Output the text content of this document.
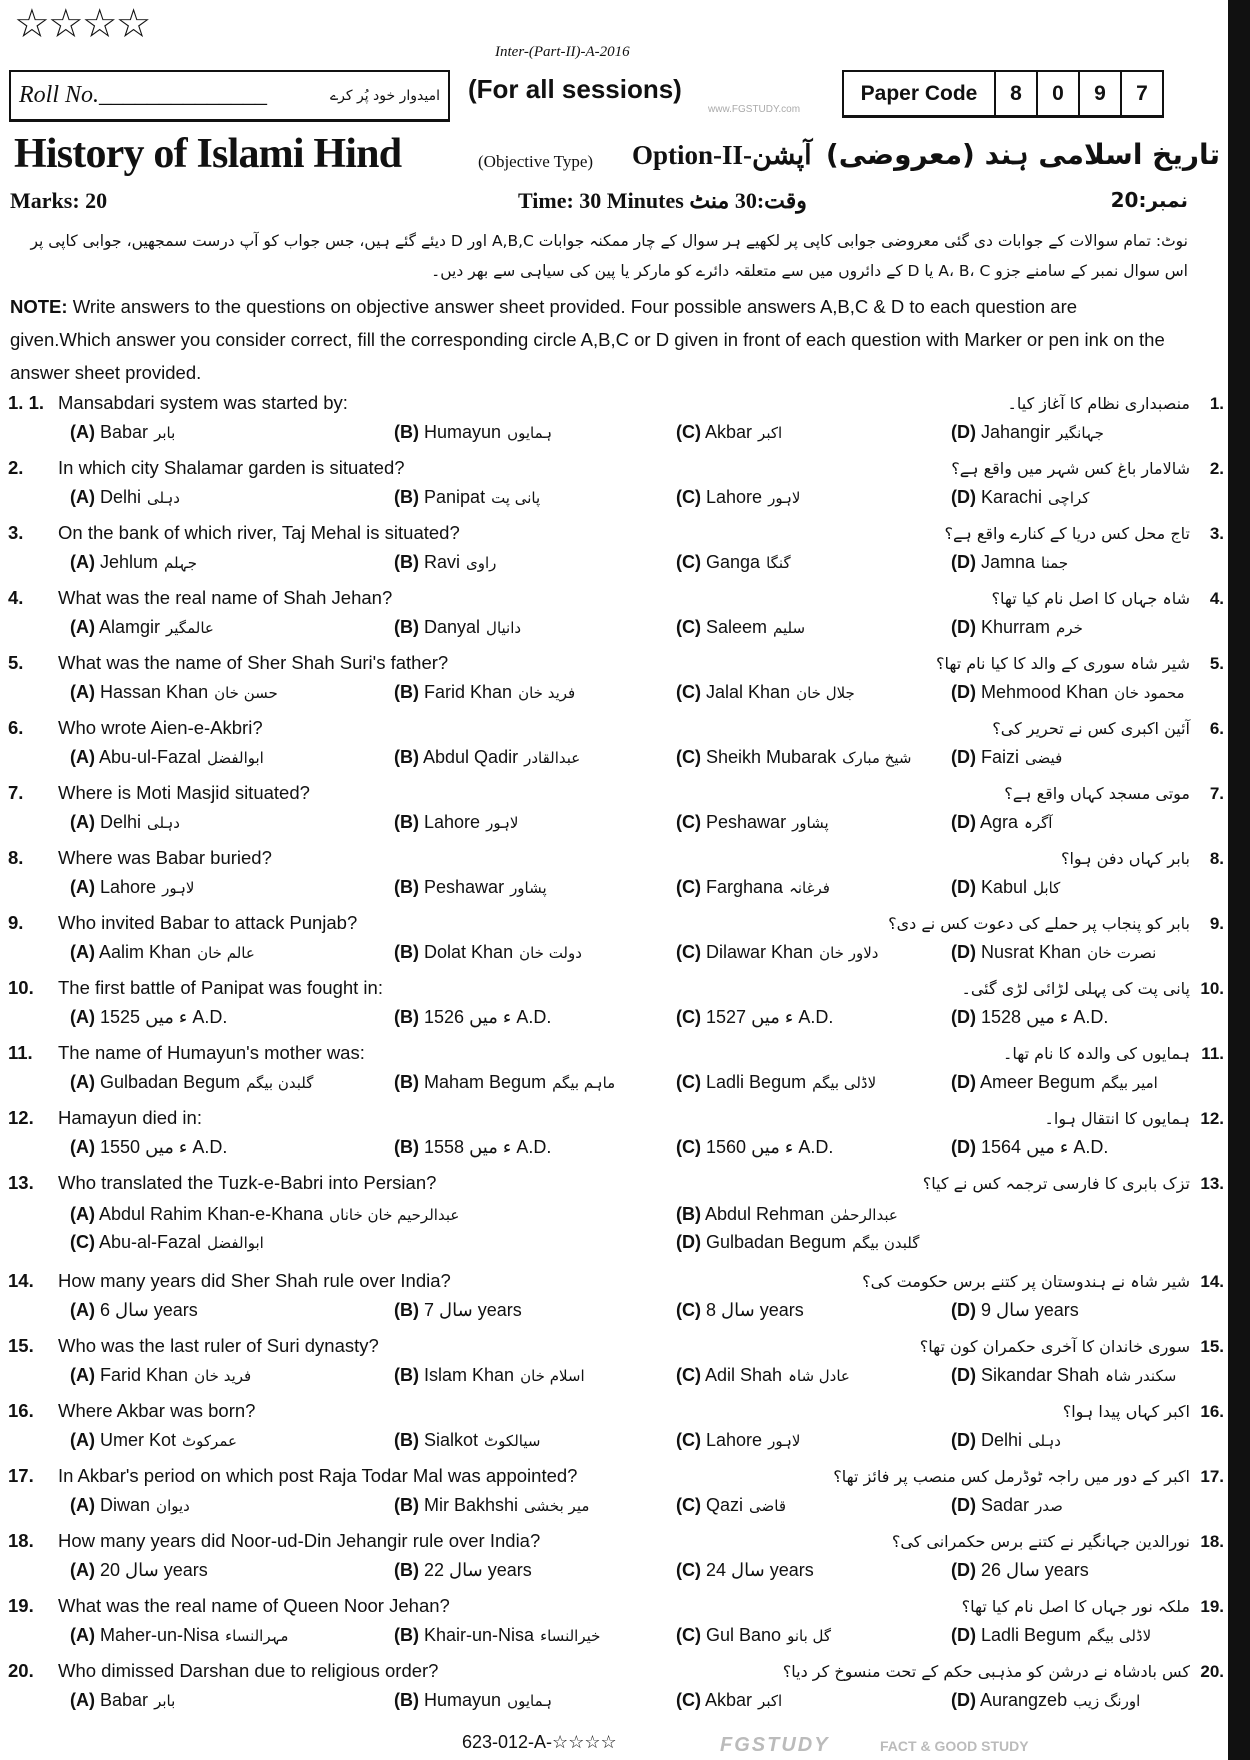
FGSTUDY	FACT & GOOD STUDY
www.FGSTUDY.com
☆☆☆☆
Inter-(Part-II)-A-2016
Roll No.______________	امیدوار خود پُر کرے (For all sessions)	Paper Code	8	0	9	7
History of Islami Hind	(Objective Type) Option-II-آپشن تاریخ اسلامی ہند (معروضی)
Marks: 20	Time: 30 Minutes وقت:30 منٹ	نمبر:20
نوٹ: تمام سوالات کے جوابات دی گئی معروضی جوابی کاپی پر لکھیے ہر سوال کے چار ممکنہ جوابات A,B,C اور D دیئے گئے ہیں، جس جواب کو آپ درست سمجھیں، جوابی کاپی پر اس سوال نمبر کے سامنے جزو A، B، C یا D کے دائروں میں سے متعلقہ دائرے کو مارکر یا پین کی سیاہی سے بھر دیں۔
NOTE: Write answers to the questions on objective answer sheet provided. Four possible answers A,B,C & D to each question are given.Which answer you consider correct, fill the corresponding circle A,B,C or D given in front of each question with Marker or pen ink on the answer sheet provided.
1. 1. Mansabdari system was started by:	منصبداری نظام کا آغاز کیا۔ 1.
(A) Babar بابر	(B) Humayun ہمایوں	(C) Akbar اکبر	(D) Jahangir جہانگیر
2. In which city Shalamar garden is situated?	شالامار باغ کس شہر میں واقع ہے؟ 2.
(A) Delhi دہلی	(B) Panipat پانی پت	(C) Lahore لاہور	(D) Karachi کراچی
3. On the bank of which river, Taj Mehal is situated?	تاج محل کس دریا کے کنارے واقع ہے؟ 3.
(A) Jehlum جہلم	(B) Ravi راوی	(C) Ganga گنگا	(D) Jamna جمنا
4. What was the real name of Shah Jehan?	شاہ جہاں کا اصل نام کیا تھا؟ 4.
(A) Alamgir عالمگیر	(B) Danyal دانیال	(C) Saleem سلیم	(D) Khurram خرم
5. What was the name of Sher Shah Suri's father?	شیر شاہ سوری کے والد کا کیا نام تھا؟ 5.
(A) Hassan Khan حسن خان	(B) Farid Khan فرید خان	(C) Jalal Khan جلال خان	(D) Mehmood Khan محمود خان
6. Who wrote Aien-e-Akbri?	آئین اکبری کس نے تحریر کی؟ 6.
(A) Abu-ul-Fazal ابوالفضل	(B) Abdul Qadir عبدالقادر	(C) Sheikh Mubarak شیخ مبارک (D) Faizi فیضی
7. Where is Moti Masjid situated?	موتی مسجد کہاں واقع ہے؟ 7.
(A) Delhi دہلی	(B) Lahore لاہور	(C) Peshawar پشاور	(D) Agra آگرہ
8. Where was Babar buried?	بابر کہاں دفن ہوا؟ 8.
(A) Lahore لاہور	(B) Peshawar پشاور	(C) Farghana فرغانہ	(D) Kabul کابل
9. Who invited Babar to attack Punjab?	بابر کو پنجاب پر حملے کی دعوت کس نے دی؟ 9.
(A) Aalim Khan عالم خان	(B) Dolat Khan دولت خان	(C) Dilawar Khan دلاور خان	(D) Nusrat Khan نصرت خان
10. The first battle of Panipat was fought in:	پانی پت کی پہلی لڑائی لڑی گئی۔ 10.
(A) ء میں 1525 A.D.	(B) ء میں 1526 A.D.	(C) ء میں 1527 A.D.	(D) ء میں 1528 A.D.
11. The name of Humayun's mother was:	ہمایوں کی والدہ کا نام تھا۔ 11.
(A) Gulbadan Begum گلبدن بیگم	(B) Maham Begum ماہم بیگم	(C) Ladli Begum لاڈلی بیگم	(D) Ameer Begum امیر بیگم
12. Hamayun died in:	ہمایوں کا انتقال ہوا۔ 12.
(A) ء میں 1550 A.D.	(B) ء میں 1558 A.D.	(C) ء میں 1560 A.D.	(D) ء میں 1564 A.D.
13. Who translated the Tuzk-e-Babri into Persian?	تزک بابری کا فارسی ترجمہ کس نے کیا؟ 13.
(A) Abdul Rahim Khan-e-Khana عبدالرحیم خان خاناں	(B) Abdul Rehman عبدالرحمٰن
(C) Abu-al-Fazal ابوالفضل	(D) Gulbadan Begum گلبدن بیگم
14. How many years did Sher Shah rule over India?	شیر شاہ نے ہندوستان پر کتنے برس حکومت کی؟ 14.
(A) سال 6 years	(B) سال 7 years	(C) سال 8 years	(D) سال 9 years
15. Who was the last ruler of Suri dynasty?	سوری خاندان کا آخری حکمران کون تھا؟ 15.
(A) Farid Khan فرید خان	(B) Islam Khan اسلام خان	(C) Adil Shah عادل شاہ	(D) Sikandar Shah سکندر شاہ
16. Where Akbar was born?	اکبر کہاں پیدا ہوا؟ 16.
(A) Umer Kot عمرکوٹ	(B) Sialkot سیالکوٹ	(C) Lahore لاہور	(D) Delhi دہلی
17. In Akbar's period on which post Raja Todar Mal was appointed?	اکبر کے دور میں راجہ ٹوڈرمل کس منصب پر فائز تھا؟ 17.
(A) Diwan دیوان	(B) Mir Bakhshi میر بخشی	(C) Qazi قاضی	(D) Sadar صدر
18. How many years did Noor-ud-Din Jehangir rule over India?	نورالدین جہانگیر نے کتنے برس حکمرانی کی؟ 18.
(A) سال 20 years	(B) سال 22 years	(C) سال 24 years	(D) سال 26 years
19. What was the real name of Queen Noor Jehan?	ملکہ نور جہاں کا اصل نام کیا تھا؟ 19.
(A) Maher-un-Nisa مہرالنساء	(B) Khair-un-Nisa خیرالنساء	(C) Gul Bano گل بانو	(D) Ladli Begum لاڈلی بیگم
20. Who dimissed Darshan due to religious order?	کس بادشاہ نے درشن کو مذہبی حکم کے تحت منسوخ کر دیا؟ 20.
(A) Babar بابر	(B) Humayun ہمایوں	(C) Akbar اکبر	(D) Aurangzeb اورنگ زیب
623-012-A-☆☆☆☆
